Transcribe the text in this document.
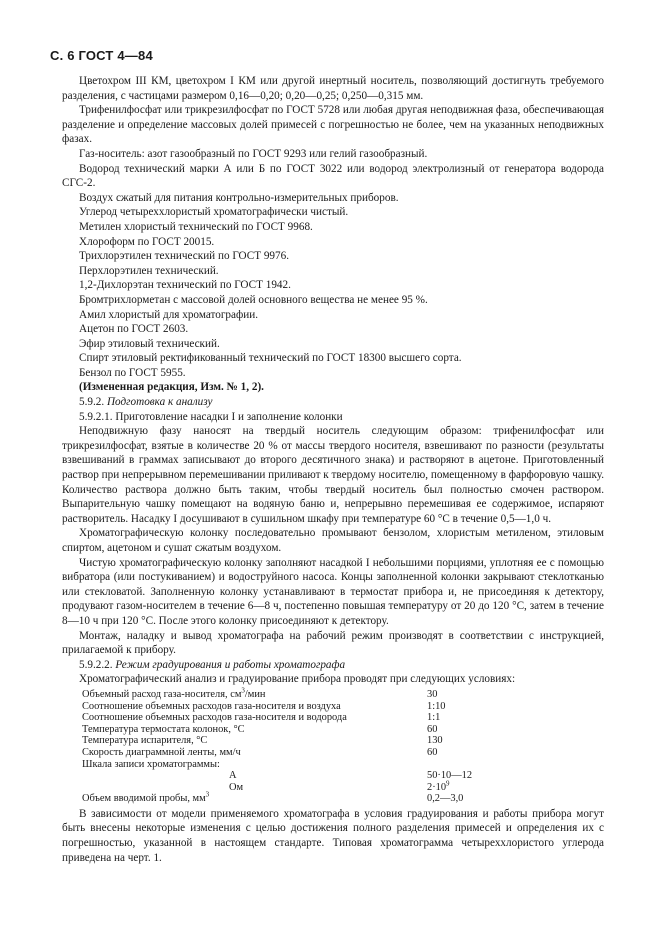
С. 6 ГОСТ 4—84

Цветохром III КМ, цветохром I КМ или другой инертный носитель, позволяющий достигнуть требуемого разделения, с частицами размером 0,16—0,20; 0,20—0,25; 0,250—0,315 мм.

Трифенилфосфат или трикрезилфосфат по ГОСТ 5728 или любая другая неподвижная фаза, обеспечивающая разделение и определение массовых долей примесей с погрешностью не более, чем на указанных неподвижных фазах.

Газ-носитель: азот газообразный по ГОСТ 9293 или гелий газообразный.

Водород технический марки А или Б по ГОСТ 3022 или водород электролизный от генератора водорода СГС-2.

Воздух сжатый для питания контрольно-измерительных приборов.

Углерод четыреххлористый хроматографически чистый.

Метилен хлористый технический по ГОСТ 9968.

Хлороформ по ГОСТ 20015.

Трихлорэтилен технический по ГОСТ 9976.

Перхлорэтилен технический.

1,2-Дихлорэтан технический по ГОСТ 1942.

Бромтрихлорметан с массовой долей основного вещества не менее 95 %.

Амил хлористый для хроматографии.

Ацетон по ГОСТ 2603.

Эфир этиловый технический.

Спирт этиловый ректификованный технический по ГОСТ 18300 высшего сорта.

Бензол по ГОСТ 5955.

(Измененная редакция, Изм. № 1, 2).

5.9.2. Подготовка к анализу

5.9.2.1. Приготовление насадки I и заполнение колонки

Неподвижную фазу наносят на твердый носитель следующим образом: трифенилфосфат или трикрезилфосфат, взятые в количестве 20 % от массы твердого носителя, взвешивают по разности (результаты взвешиваний в граммах записывают до второго десятичного знака) и растворяют в ацетоне. Приготовленный раствор при непрерывном перемешивании приливают к твердому носителю, помещенному в фарфоровую чашку. Количество раствора должно быть таким, чтобы твердый носитель был полностью смочен раствором. Выпарительную чашку помещают на водяную баню и, непрерывно перемешивая ее содержимое, испаряют растворитель. Насадку I досушивают в сушильном шкафу при температуре 60 °С в течение 0,5—1,0 ч.

Хроматографическую колонку последовательно промывают бензолом, хлористым метиленом, этиловым спиртом, ацетоном и сушат сжатым воздухом.

Чистую хроматографическую колонку заполняют насадкой I небольшими порциями, уплотняя ее с помощью вибратора (или постукиванием) и водоструйного насоса. Концы заполненной колонки закрывают стеклотканью или стекловатой. Заполненную колонку устанавливают в термостат прибора и, не присоединяя к детектору, продувают газом-носителем в течение 6—8 ч, постепенно повышая температуру от 20 до 120 °С, затем в течение 8—10 ч при 120 °С. После этого колонку присоединяют к детектору.

Монтаж, наладку и вывод хроматографа на рабочий режим производят в соответствии с инструкцией, прилагаемой к прибору.

5.9.2.2. Режим градуирования и работы хроматографа

Хроматографический анализ и градуирование прибора проводят при следующих условиях:

Объемный расход газа-носителя, $см^3$/мин	30
Соотношение объемных расходов газа-носителя и воздуха	1:10
Соотношение объемных расходов газа-носителя и водорода	1:1
Температура термостата колонок, °С	60
Температура испарителя, °С	130
Скорость диаграммной ленты, мм/ч	60
Шкала записи хроматограммы:
А	50·10—12
Ом	$2\cdot 10^9$
Объем вводимой пробы, $мм^3$	0,2—3,0

В зависимости от модели применяемого хроматографа в условия градуирования и работы прибора могут быть внесены некоторые изменения с целью достижения полного разделения примесей и определения их с погрешностью, указанной в настоящем стандарте. Типовая хроматограмма четыреххлористого углерода приведена на черт. 1.
